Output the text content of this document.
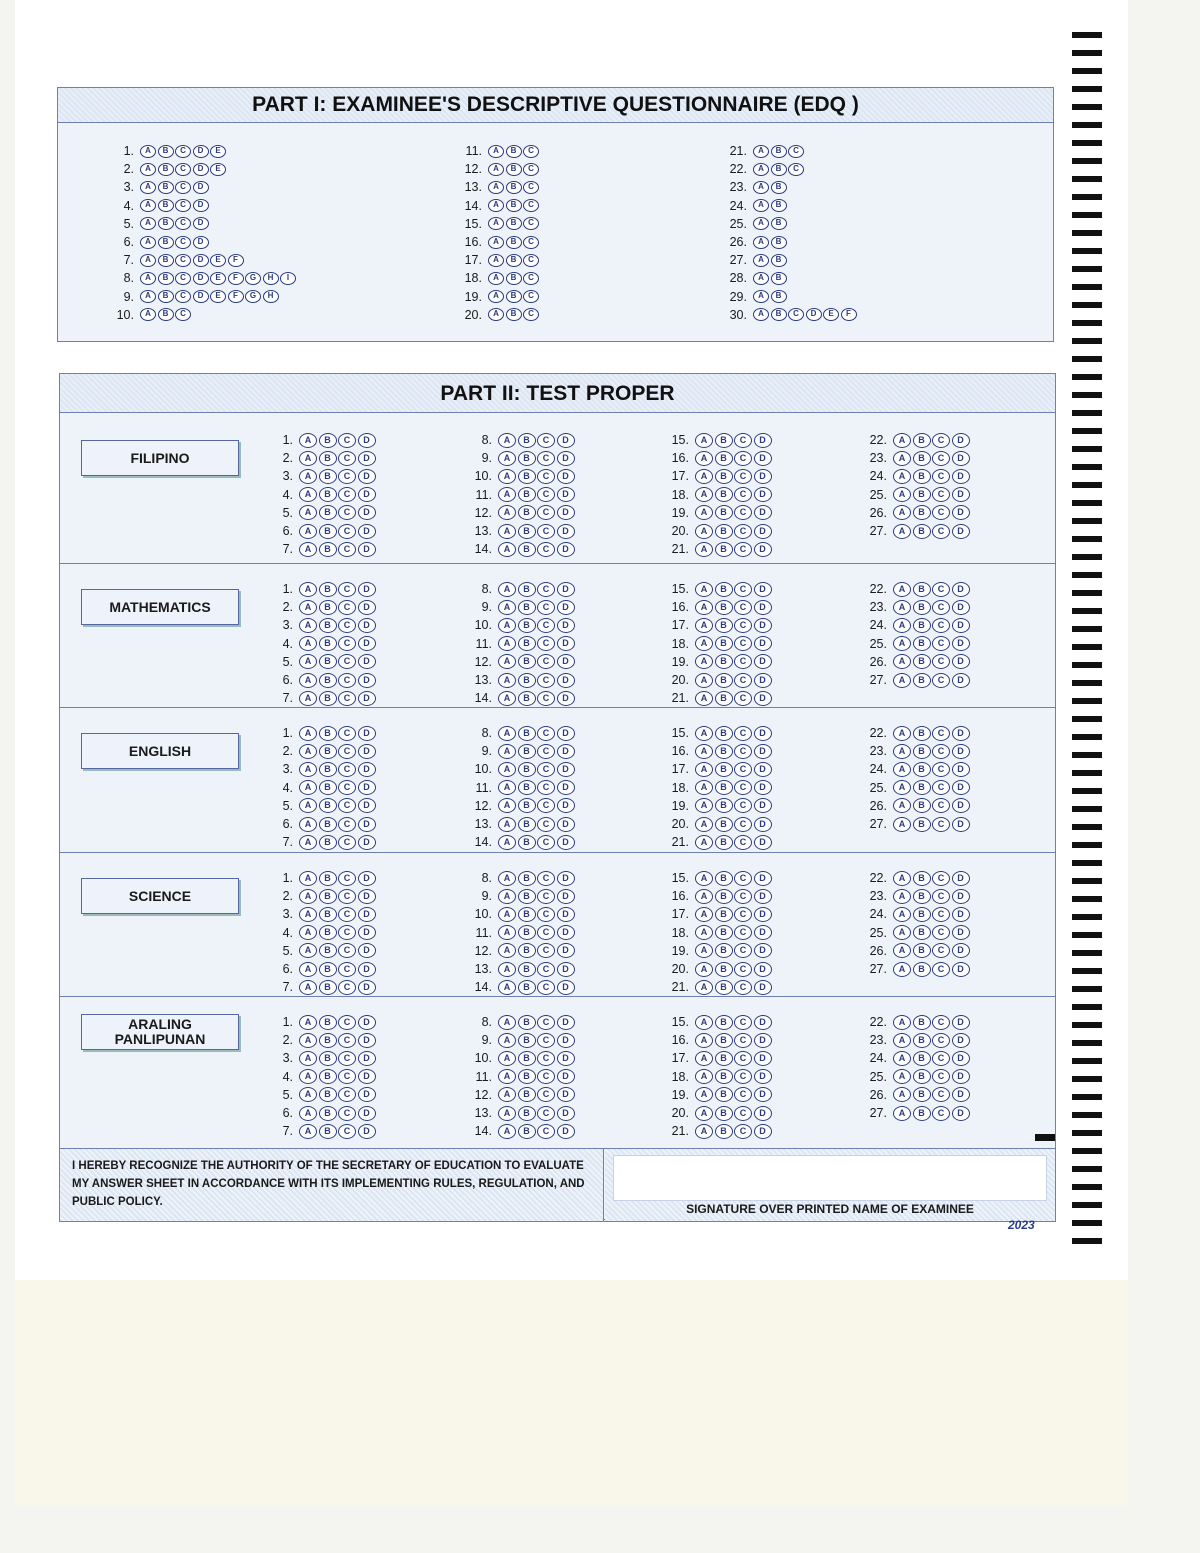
PART I: EXAMINEE'S DESCRIPTIVE QUESTIONNAIRE (EDQ )
1.	A	B	C	D	E
2.	A	B	C	D	E
3.	A	B	C	D
4.	A	B	C	D
5.	A	B	C	D
6.	A	B	C	D
7.	A	B	C	D	E	F
8.	A	B	C	D	E	F	G	H	I
9.	A	B	C	D	E	F	G	H
10.	A	B	C
11.	A	B	C
12.	A	B	C
13.	A	B	C
14.	A	B	C
15.	A	B	C
16.	A	B	C
17.	A	B	C
18.	A	B	C
19.	A	B	C
20.	A	B	C
21.	A	B	C
22.	A	B	C
23.	A	B
24.	A	B
25.	A	B
26.	A	B
27.	A	B
28.	A	B
29.	A	B
30.	A	B	C	D	E	F
PART II: TEST PROPER
FILIPINO
1.	A	B	C	D
2.	A	B	C	D
3.	A	B	C	D
4.	A	B	C	D
5.	A	B	C	D
6.	A	B	C	D
7.	A	B	C	D
8.	A	B	C	D
9.	A	B	C	D
10.	A	B	C	D
11.	A	B	C	D
12.	A	B	C	D
13.	A	B	C	D
14.	A	B	C	D
15.	A	B	C	D
16.	A	B	C	D
17.	A	B	C	D
18.	A	B	C	D
19.	A	B	C	D
20.	A	B	C	D
21.	A	B	C	D
22.	A	B	C	D
23.	A	B	C	D
24.	A	B	C	D
25.	A	B	C	D
26.	A	B	C	D
27.	A	B	C	D
MATHEMATICS
1.	A	B	C	D
2.	A	B	C	D
3.	A	B	C	D
4.	A	B	C	D
5.	A	B	C	D
6.	A	B	C	D
7.	A	B	C	D
8.	A	B	C	D
9.	A	B	C	D
10.	A	B	C	D
11.	A	B	C	D
12.	A	B	C	D
13.	A	B	C	D
14.	A	B	C	D
15.	A	B	C	D
16.	A	B	C	D
17.	A	B	C	D
18.	A	B	C	D
19.	A	B	C	D
20.	A	B	C	D
21.	A	B	C	D
22.	A	B	C	D
23.	A	B	C	D
24.	A	B	C	D
25.	A	B	C	D
26.	A	B	C	D
27.	A	B	C	D
ENGLISH
1.	A	B	C	D
2.	A	B	C	D
3.	A	B	C	D
4.	A	B	C	D
5.	A	B	C	D
6.	A	B	C	D
7.	A	B	C	D
8.	A	B	C	D
9.	A	B	C	D
10.	A	B	C	D
11.	A	B	C	D
12.	A	B	C	D
13.	A	B	C	D
14.	A	B	C	D
15.	A	B	C	D
16.	A	B	C	D
17.	A	B	C	D
18.	A	B	C	D
19.	A	B	C	D
20.	A	B	C	D
21.	A	B	C	D
22.	A	B	C	D
23.	A	B	C	D
24.	A	B	C	D
25.	A	B	C	D
26.	A	B	C	D
27.	A	B	C	D
SCIENCE
1.	A	B	C	D
2.	A	B	C	D
3.	A	B	C	D
4.	A	B	C	D
5.	A	B	C	D
6.	A	B	C	D
7.	A	B	C	D
8.	A	B	C	D
9.	A	B	C	D
10.	A	B	C	D
11.	A	B	C	D
12.	A	B	C	D
13.	A	B	C	D
14.	A	B	C	D
15.	A	B	C	D
16.	A	B	C	D
17.	A	B	C	D
18.	A	B	C	D
19.	A	B	C	D
20.	A	B	C	D
21.	A	B	C	D
22.	A	B	C	D
23.	A	B	C	D
24.	A	B	C	D
25.	A	B	C	D
26.	A	B	C	D
27.	A	B	C	D
ARALING
PANLIPUNAN
1.	A	B	C	D
2.	A	B	C	D
3.	A	B	C	D
4.	A	B	C	D
5.	A	B	C	D
6.	A	B	C	D
7.	A	B	C	D
8.	A	B	C	D
9.	A	B	C	D
10.	A	B	C	D
11.	A	B	C	D
12.	A	B	C	D
13.	A	B	C	D
14.	A	B	C	D
15.	A	B	C	D
16.	A	B	C	D
17.	A	B	C	D
18.	A	B	C	D
19.	A	B	C	D
20.	A	B	C	D
21.	A	B	C	D
22.	A	B	C	D
23.	A	B	C	D
24.	A	B	C	D
25.	A	B	C	D
26.	A	B	C	D
27.	A	B	C	D
I HEREBY RECOGNIZE THE AUTHORITY OF THE SECRETARY OF EDUCATION TO EVALUATE MY ANSWER SHEET IN ACCORDANCE WITH ITS IMPLEMENTING RULES, REGULATION, AND PUBLIC POLICY.	SIGNATURE OVER PRINTED NAME OF EXAMINEE
2023
